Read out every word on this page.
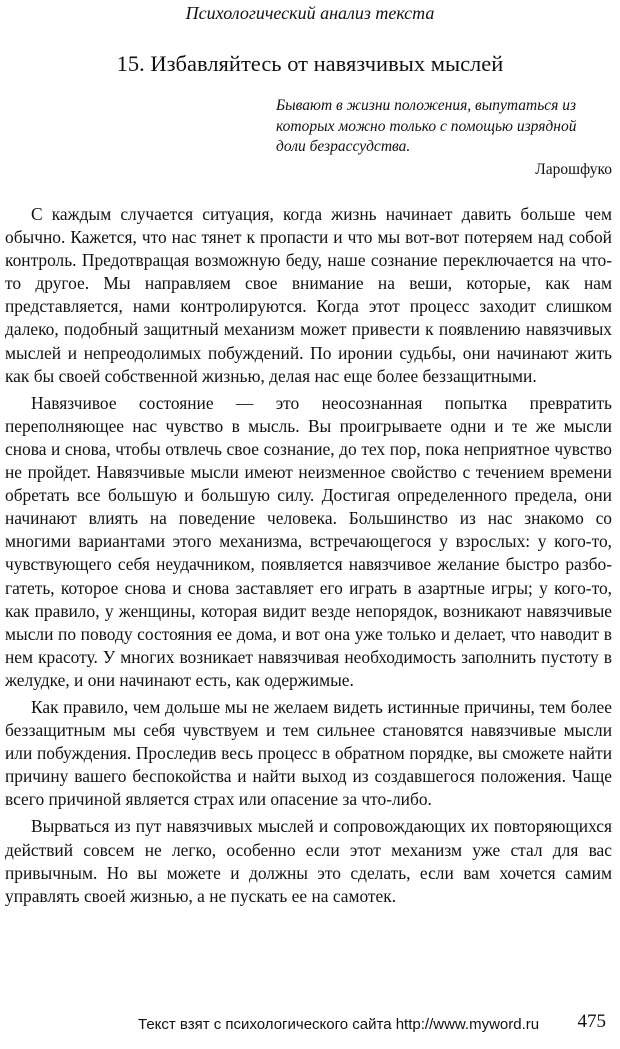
Психологический анализ текста
15. Избавляйтесь от навязчивых мыслей

Бывают в жизни положения, выпутаться из
которых можно только с помощью изрядной
доли безрассудства.

Ларошфуко

С каждым случается ситуация, когда жизнь начинает давить больше чем обычно. Кажется, что нас тянет к пропасти и что мы вот-вот потеряем над собой контроль. Предотвращая возможную беду, наше сознание переключается на что-то другое. Мы направляем свое внимание на веши, которые, как нам представляется, нами контролируются. Когда этот процесс заходит слишком далеко, подобный защитный механизм может привести к появлению навязчивых мыслей и непреодолимых побуждений. По иронии судьбы, они начинают жить как бы своей собственной жизнью, делая нас еще более беззащитными.

Навязчивое состояние — это неосознанная попытка превратить переполняющее нас чувство в мысль. Вы проигрываете одни и те же мысли снова и снова, чтобы отвлечь свое сознание, до тех пор, пока неприятное чувство не пройдет. Навязчивые мысли имеют неизменное свойство с течением времени обретать все большую и большую силу. Достигая определенного предела, они начинают влиять на поведение человека. Большинство из нас знакомо со многими вариантами этого механизма, встречающегося у взрослых: у кого-то, чувствующего себя неудачником, появляется навязчивое желание быстро разбогатеть, которое снова и снова заставляет его играть в азартные игры; у кого-то, как правило, у женщины, которая видит везде непорядок, возникают навязчивые мысли по поводу состояния ее дома, и вот она уже только и делает, что наводит в нем красоту. У многих возникает навязчивая необходимость заполнить пустоту в желудке, и они начинают есть, как одержимые.

Как правило, чем дольше мы не желаем видеть истинные причины, тем более беззащитным мы себя чувствуем и тем сильнее становятся навязчивые мысли или побуждения. Проследив весь процесс в обратном порядке, вы сможете найти причину вашего беспокойства и найти выход из создавшегося положения. Чаще всего причиной является страх или опасение за что-либо.

Вырваться из пут навязчивых мыслей и сопровождающих их повторяющихся действий совсем не легко, особенно если этот механизм уже стал для вас привычным. Но вы можете и должны это сделать, если вам хочется самим управлять своей жизнью, а не пускать ее на самотек.

Текст взят с психологического сайта http://www.myword.ru 475
